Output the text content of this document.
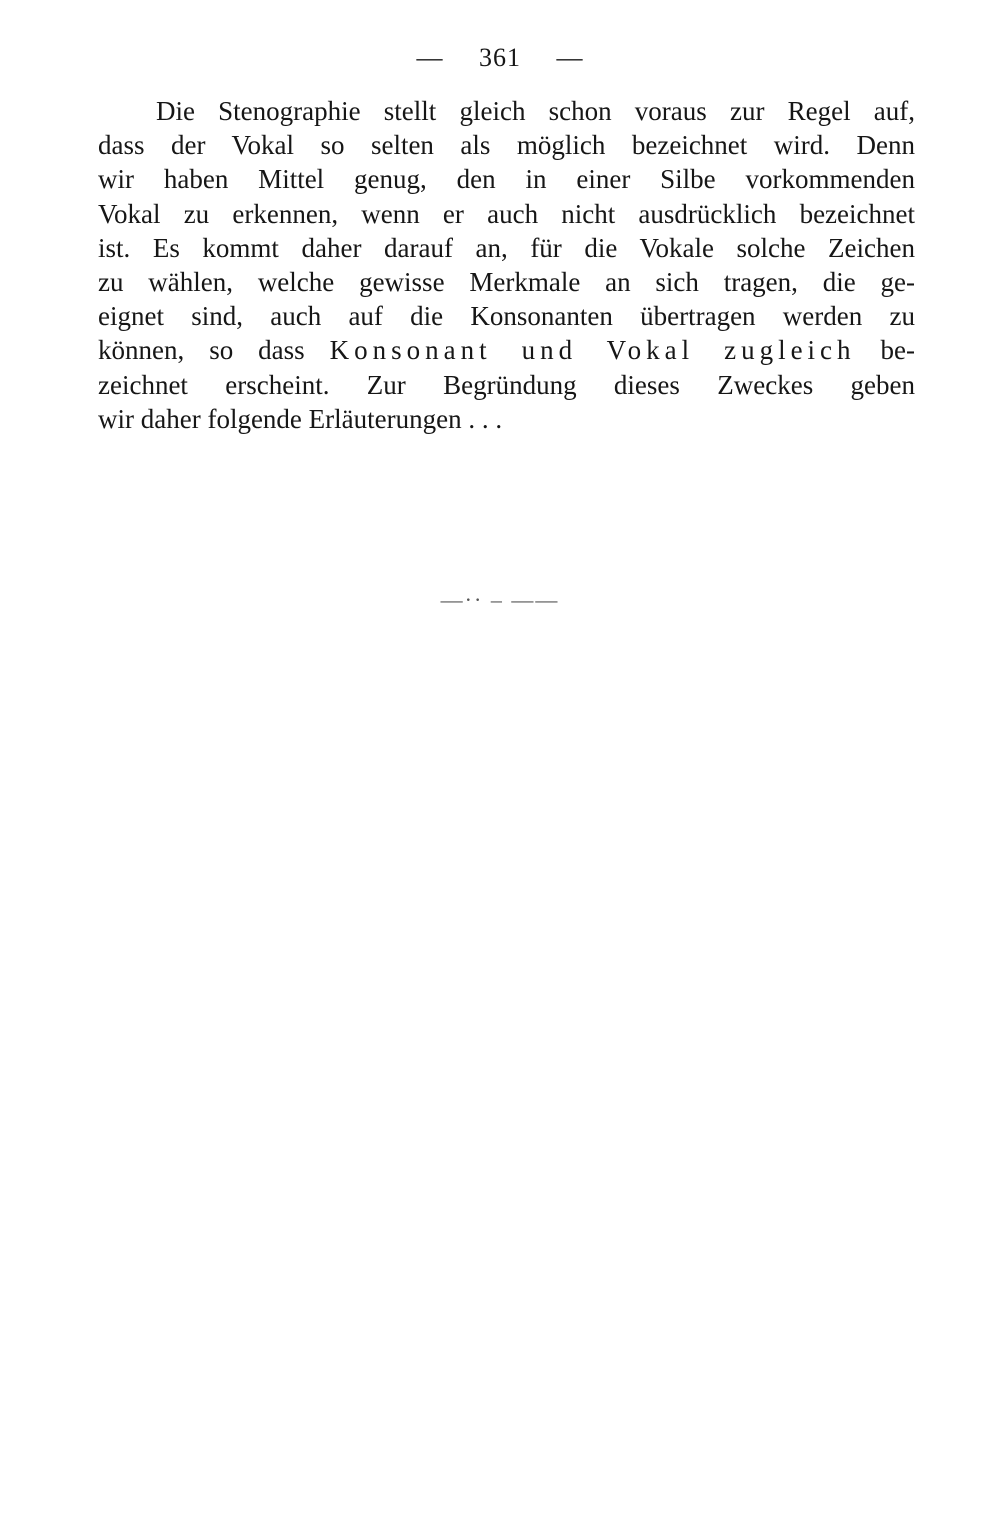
— 361 —
Die Stenographie stellt gleich schon voraus zur Regel auf,
dass der Vokal so selten als möglich bezeichnet wird. Denn
wir haben Mittel genug, den in einer Silbe vorkommenden
Vokal zu erkennen, wenn er auch nicht ausdrücklich bezeichnet
ist. Es kommt daher darauf an, für die Vokale solche Zeichen
zu wählen, welche gewisse Merkmale an sich tragen, die ge-
eignet sind, auch auf die Konsonanten übertragen werden zu
können, so dass Konsonant und Vokal zugleich be-
zeichnet erscheint. Zur Begründung dieses Zweckes geben
wir daher folgende Erläuterungen . . .
—·· – ——
